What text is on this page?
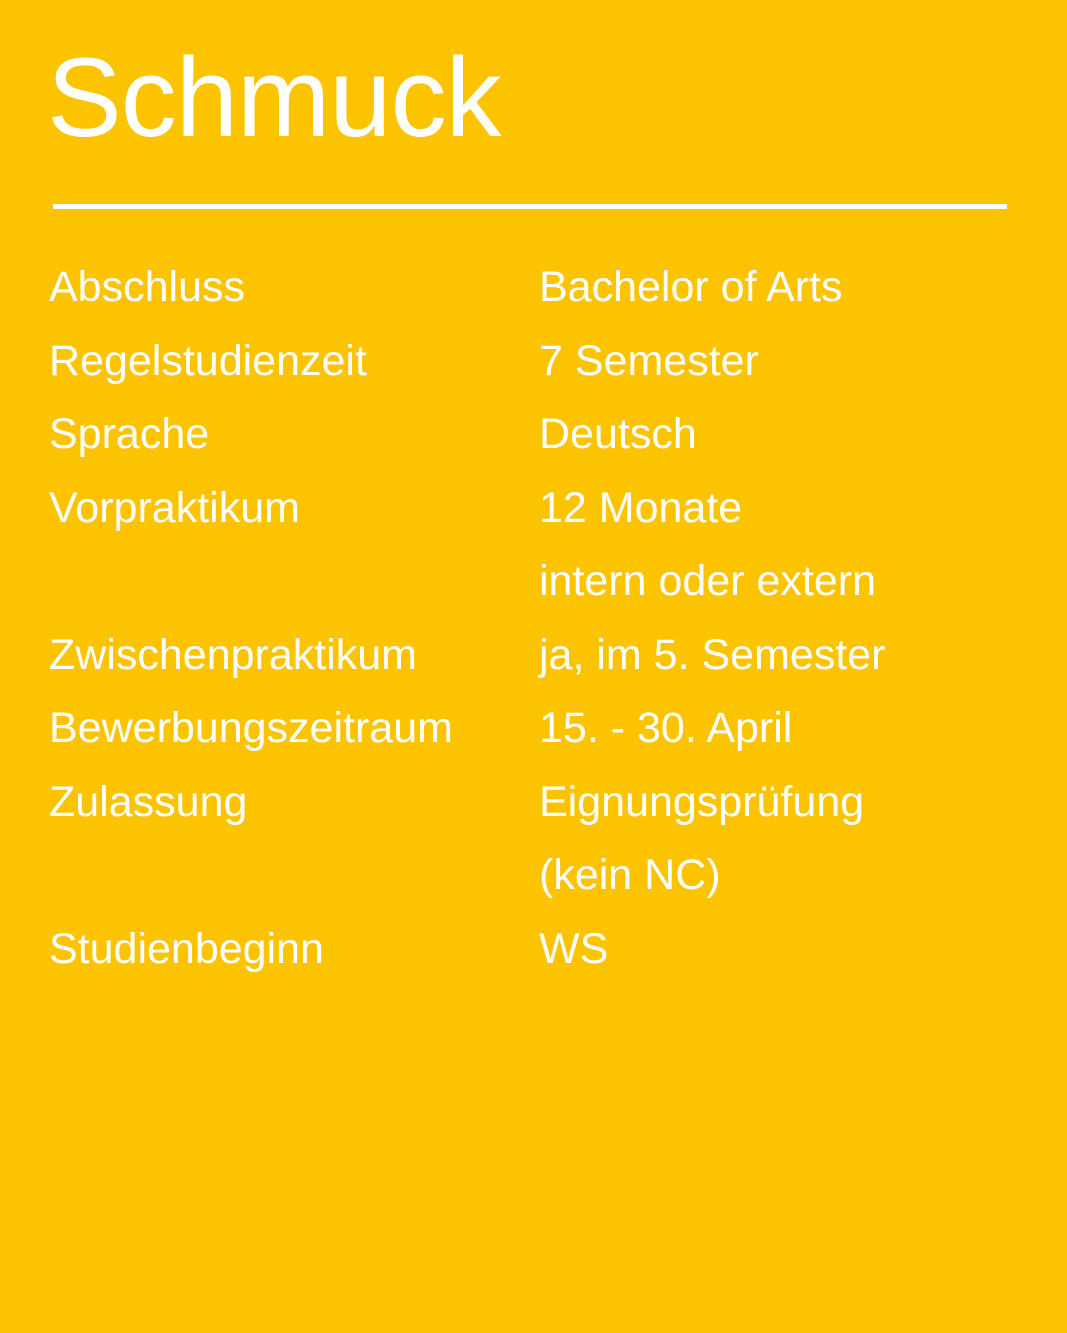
Schmuck
Abschluss	Bachelor of Arts
Regelstudienzeit	7 Semester
Sprache	Deutsch
Vorpraktikum	12 Monate
intern oder extern
Zwischenpraktikum	ja, im 5. Semester
Bewerbungszeitraum	15. - 30. April
Zulassung	Eignungsprüfung
(kein NC)
Studienbeginn	WS
